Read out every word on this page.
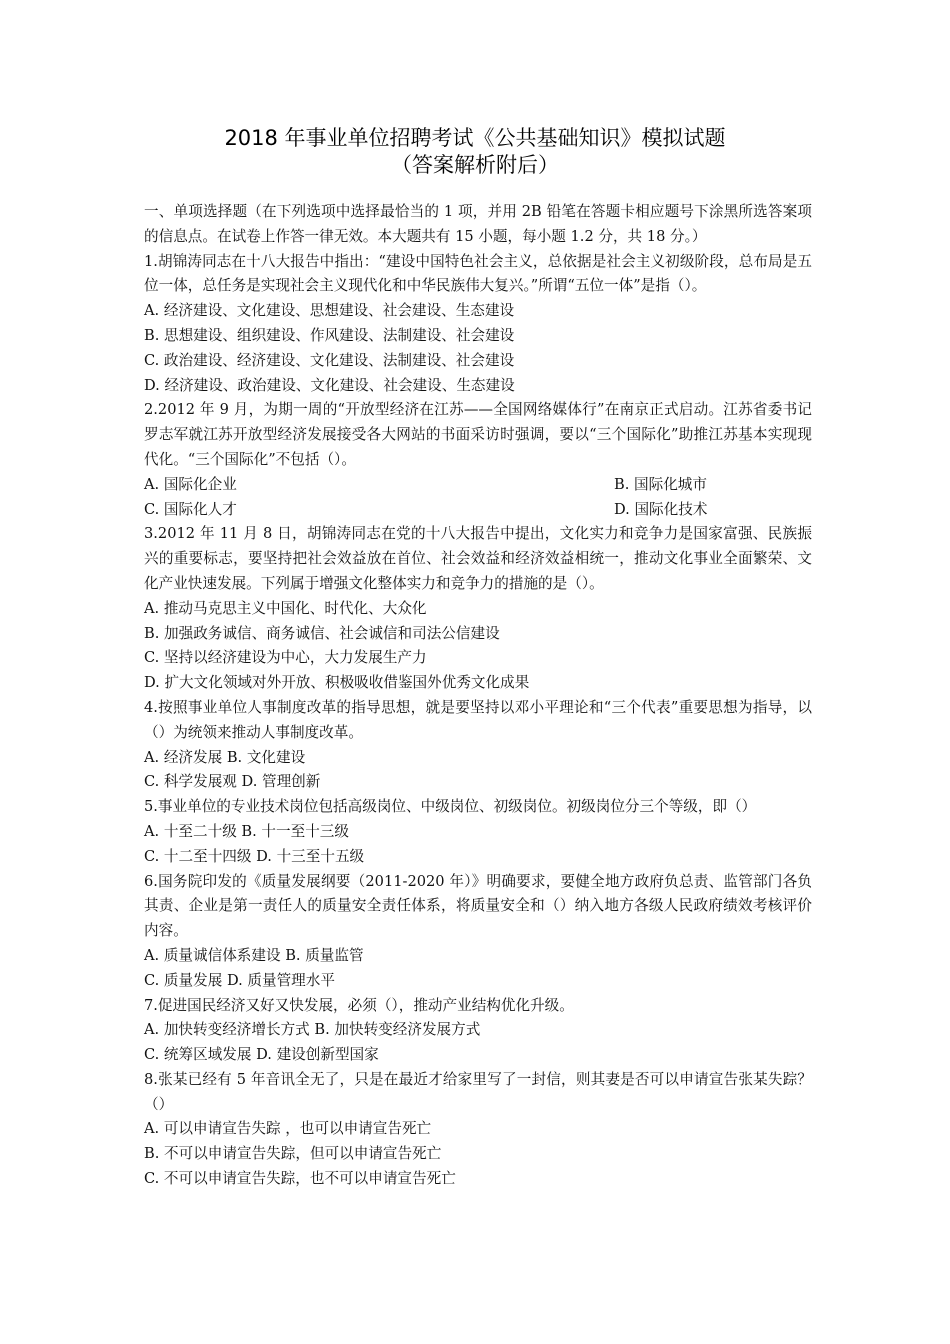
2018 年事业单位招聘考试《公共基础知识》模拟试题
（答案解析附后）

一、单项选择题（在下列选项中选择最恰当的 1 项，并用 2B 铅笔在答题卡相应题号下涂黑所选答案项的信息点。在试卷上作答一律无效。本大题共有 15 小题，每小题 1.2 分，共 18 分。）

1.胡锦涛同志在十八大报告中指出：“建设中国特色社会主义，总依据是社会主义初级阶段，总布局是五位一体，总任务是实现社会主义现代化和中华民族伟大复兴。”所谓“五位一体”是指（）。

A. 经济建设、文化建设、思想建设、社会建设、生态建设

B. 思想建设、组织建设、作风建设、法制建设、社会建设

C. 政治建设、经济建设、文化建设、法制建设、社会建设

D. 经济建设、政治建设、文化建设、社会建设、生态建设

2.2012 年 9 月，为期一周的“开放型经济在江苏——全国网络媒体行”在南京正式启动。江苏省委书记罗志军就江苏开放型经济发展接受各大网站的书面采访时强调，要以“三个国际化”助推江苏基本实现现代化。“三个国际化”不包括（）。

A. 国际化企业	B. 国际化城市
C. 国际化人才	D. 国际化技术

3.2012 年 11 月 8 日，胡锦涛同志在党的十八大报告中提出，文化实力和竞争力是国家富强、民族振兴的重要标志，要坚持把社会效益放在首位、社会效益和经济效益相统一，推动文化事业全面繁荣、文化产业快速发展。下列属于增强文化整体实力和竞争力的措施的是（）。

A. 推动马克思主义中国化、时代化、大众化

B. 加强政务诚信、商务诚信、社会诚信和司法公信建设

C. 坚持以经济建设为中心，大力发展生产力

D. 扩大文化领域对外开放、积极吸收借鉴国外优秀文化成果

4.按照事业单位人事制度改革的指导思想，就是要坚持以邓小平理论和“三个代表”重要思想为指导，以（）为统领来推动人事制度改革。

A. 经济发展 B. 文化建设

C. 科学发展观 D. 管理创新

5.事业单位的专业技术岗位包括高级岗位、中级岗位、初级岗位。初级岗位分三个等级，即（）

A. 十至二十级 B. 十一至十三级

C. 十二至十四级 D. 十三至十五级

6.国务院印发的《质量发展纲要（2011-2020 年）》明确要求，要健全地方政府负总责、监管部门各负其责、企业是第一责任人的质量安全责任体系，将质量安全和（）纳入地方各级人民政府绩效考核评价内容。

A. 质量诚信体系建设 B. 质量监管

C. 质量发展 D. 质量管理水平

7.促进国民经济又好又快发展，必须（），推动产业结构优化升级。

A. 加快转变经济增长方式 B. 加快转变经济发展方式

C. 统筹区域发展 D. 建设创新型国家

8.张某已经有 5 年音讯全无了，只是在最近才给家里写了一封信，则其妻是否可以申请宣告张某失踪？（）

A. 可以申请宣告失踪 ，也可以申请宣告死亡

B. 不可以申请宣告失踪，但可以申请宣告死亡

C. 不可以申请宣告失踪，也不可以申请宣告死亡
